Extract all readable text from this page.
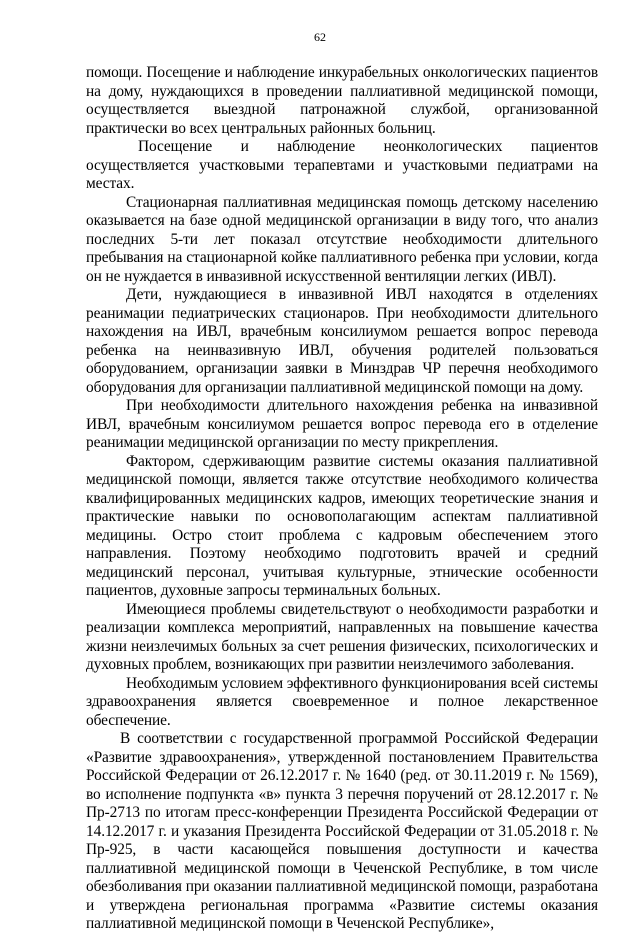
62

помощи. Посещение и наблюдение инкурабельных онкологических пациентов на дому, нуждающихся в проведении паллиативной медицинской помощи, осуществляется выездной патронажной службой, организованной практически во всех центральных районных больниц.

Посещение и наблюдение неонкологических пациентов осуществляется участковыми терапевтами и участковыми педиатрами на местах.

Стационарная паллиативная медицинская помощь детскому населению оказывается на базе одной медицинской организации в виду того, что анализ последних 5-ти лет показал отсутствие необходимости длительного пребывания на стационарной койке паллиативного ребенка при условии, когда он не нуждается в инвазивной искусственной вентиляции легких (ИВЛ).

Дети, нуждающиеся в инвазивной ИВЛ находятся в отделениях реанимации педиатрических стационаров. При необходимости длительного нахождения на ИВЛ, врачебным консилиумом решается вопрос перевода ребенка на неинвазивную ИВЛ, обучения родителей пользоваться оборудованием, организации заявки в Минздрав ЧР перечня необходимого оборудования для организации паллиативной медицинской помощи на дому.

При необходимости длительного нахождения ребенка на инвазивной ИВЛ, врачебным консилиумом решается вопрос перевода его в отделение реанимации медицинской организации по месту прикрепления.

Фактором, сдерживающим развитие системы оказания паллиативной медицинской помощи, является также отсутствие необходимого количества квалифицированных медицинских кадров, имеющих теоретические знания и практические навыки по основополагающим аспектам паллиативной медицины. Остро стоит проблема с кадровым обеспечением этого направления. Поэтому необходимо подготовить врачей и средний медицинский персонал, учитывая культурные, этнические особенности пациентов, духовные запросы терминальных больных.

Имеющиеся проблемы свидетельствуют о необходимости разработки и реализации комплекса мероприятий, направленных на повышение качества жизни неизлечимых больных за счет решения физических, психологических и духовных проблем, возникающих при развитии неизлечимого заболевания.

Необходимым условием эффективного функционирования всей системы здравоохранения является своевременное и полное лекарственное обеспечение.

В соответствии с государственной программой Российской Федерации «Развитие здравоохранения», утвержденной постановлением Правительства Российской Федерации от 26.12.2017 г. № 1640 (ред. от 30.11.2019 г. № 1569), во исполнение подпункта «в» пункта 3 перечня поручений от 28.12.2017 г. № Пр-2713 по итогам пресс-конференции Президента Российской Федерации от 14.12.2017 г. и указания Президента Российской Федерации от 31.05.2018 г. № Пр-925, в части касающейся повышения доступности и качества паллиативной медицинской помощи в Чеченской Республике, в том числе обезболивания при оказании паллиативной медицинской помощи, разработана и утверждена региональная программа «Развитие системы оказания паллиативной медицинской помощи в Чеченской Республике»,
